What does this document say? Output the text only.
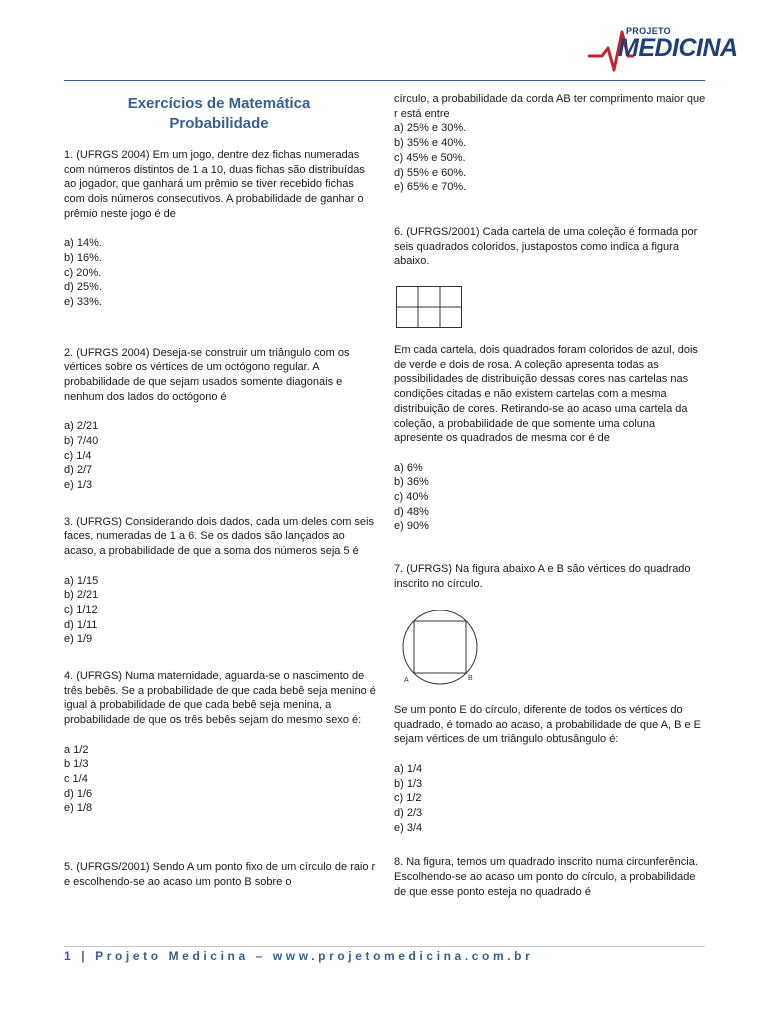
PROJETO
MEDICINA
Exercícios de Matemática
Probabilidade

1. (UFRGS 2004) Em um jogo, dentre dez fichas numeradas com números distintos de 1 a 10, duas fichas são distribuídas ao jogador, que ganhará um prêmio se tiver recebido fichas com dois números consecutivos. A probabilidade de ganhar o prêmio neste jogo é de

a) 14%.
b) 16%.
c) 20%.
d) 25%.
e) 33%.

2. (UFRGS 2004) Deseja-se construir um triângulo com os vértices sobre os vértices de um octógono regular. A probabilidade de que sejam usados somente diagonais e nenhum dos lados do octógono é

a) 2/21
b) 7/40
c) 1/4
d) 2/7
e) 1/3

3. (UFRGS) Considerando dois dados, cada um deles com seis faces, numeradas de 1 a 6. Se os dados são lançados ao acaso, a probabilidade de que a soma dos números seja 5 é

a) 1/15
b) 2/21
c) 1/12
d) 1/11
e) 1/9

4. (UFRGS) Numa maternidade, aguarda-se o nascimento de três bebês. Se a probabilidade de que cada bebê seja menino é igual à probabilidade de que cada bebê seja menina, a probabilidade de que os três bebês sejam do mesmo sexo é:

a 1/2
b 1/3
c 1/4
d) 1/6
e) 1/8

5. (UFRGS/2001) Sendo A um ponto fixo de um círculo de raio r e escolhendo-se ao acaso um ponto B sobre o

círculo, a probabilidade da corda AB ter comprimento maior que r está entre

a) 25% e 30%.
b) 35% e 40%.
c) 45% e 50%.
d) 55% e 60%.
e) 65% e 70%.

6. (UFRGS/2001) Cada cartela de uma coleção é formada por seis quadrados coloridos, justapostos como indica a figura abaixo.

Em cada cartela, dois quadrados foram coloridos de azul, dois de verde e dois de rosa. A coleção apresenta todas as possibilidades de distribuição dessas cores nas cartelas nas condições citadas e não existem cartelas com a mesma distribuição de cores. Retirando-se ao acaso uma cartela da coleção, a probabilidade de que somente uma coluna apresente os quadrados de mesma cor é de

a) 6%
b) 36%
c) 40%
d) 48%
e) 90%

7. (UFRGS) Na figura abaixo A e B são vértices do quadrado inscrito no círculo.

A	B

Se um ponto E do círculo, diferente de todos os vértices do quadrado, é tomado ao acaso, a probabilidade de que A, B e E sejam vértices de um triângulo obtusângulo é:

a) 1/4
b) 1/3
c) 1/2
d) 2/3
e) 3/4

8. Na figura, temos um quadrado inscrito numa circunferência. Escolhendo-se ao acaso um ponto do círculo, a probabilidade de que esse ponto esteja no quadrado é

1 | Projeto Medicina – www.projetomedicina.com.br
